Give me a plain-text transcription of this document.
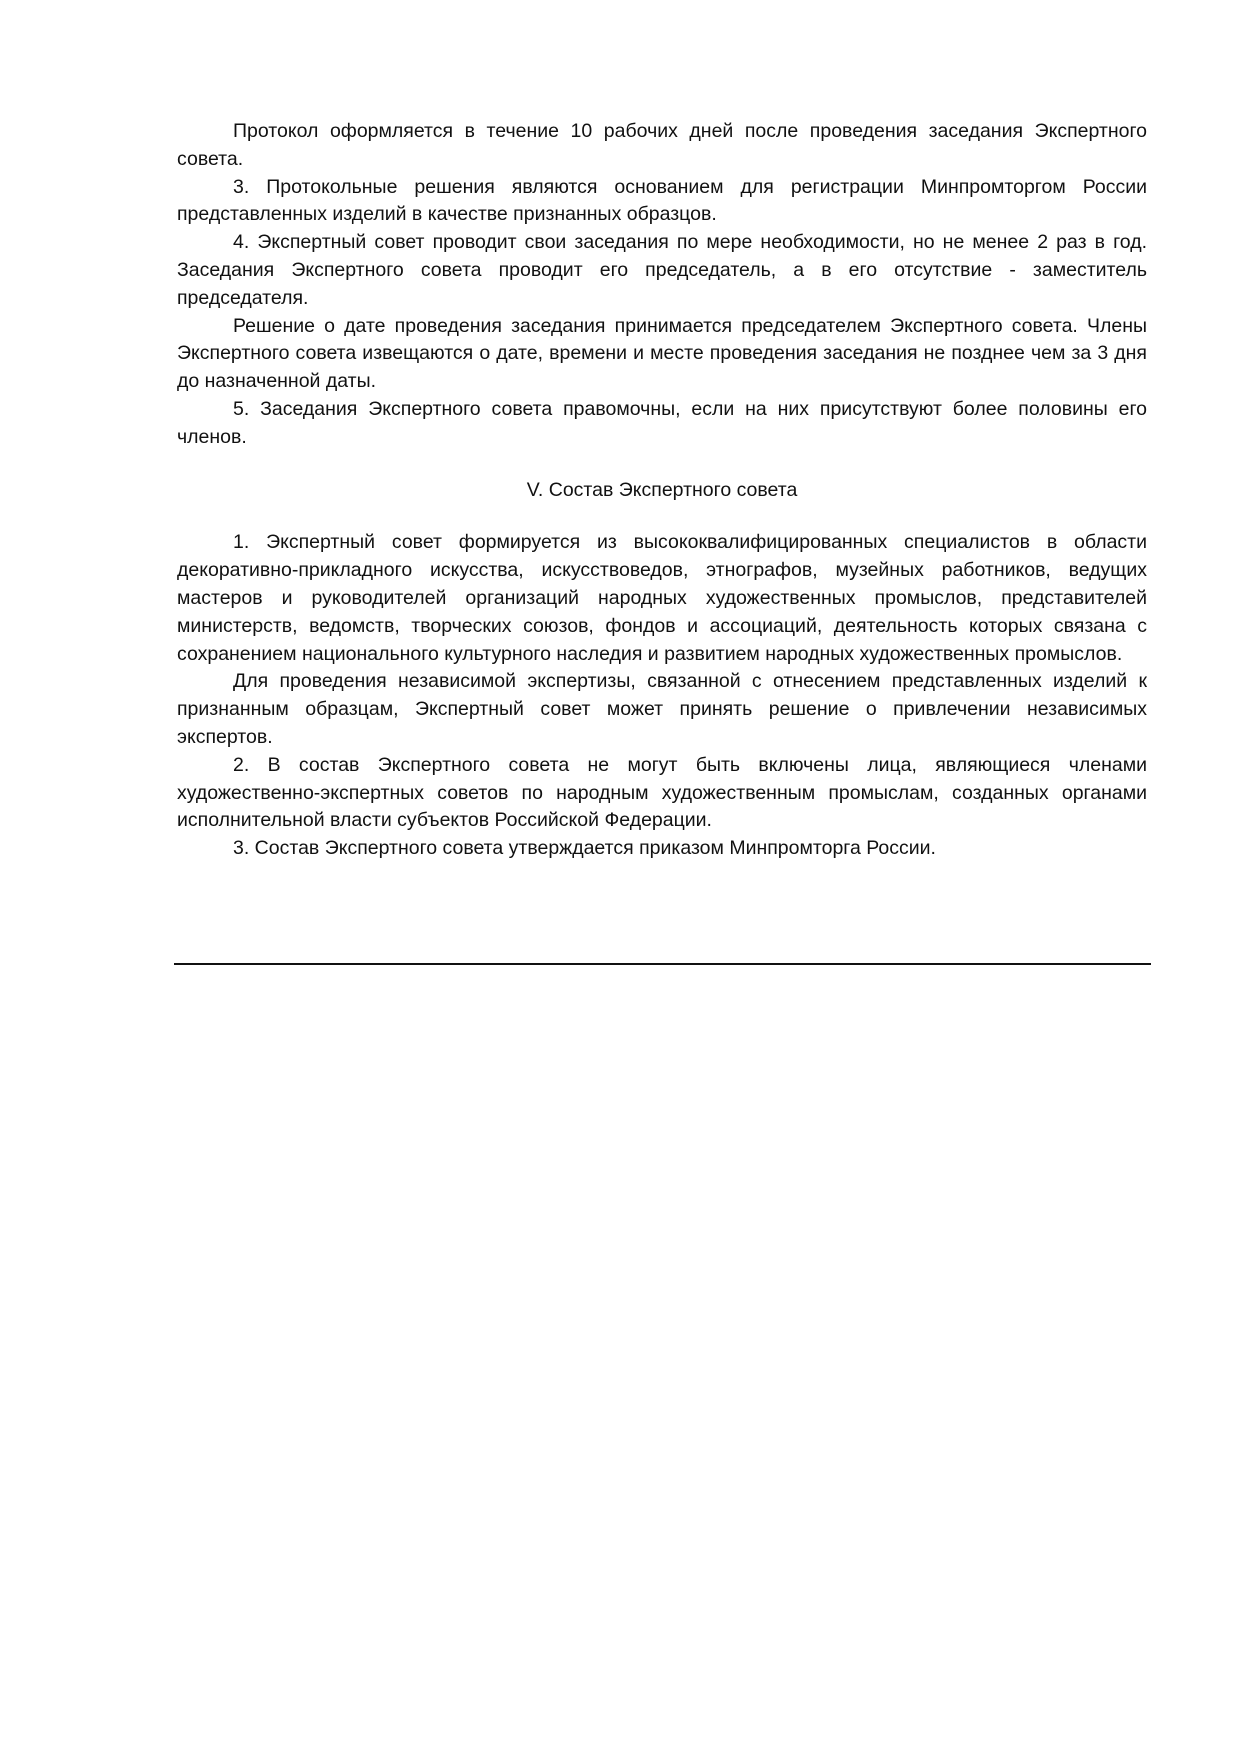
Протокол оформляется в течение 10 рабочих дней после проведения заседания Экспертного совета.

3. Протокольные решения являются основанием для регистрации Минпромторгом России представленных изделий в качестве признанных образцов.

4. Экспертный совет проводит свои заседания по мере необходимости, но не менее 2 раз в год. Заседания Экспертного совета проводит его председатель, а в его отсутствие - заместитель председателя.

Решение о дате проведения заседания принимается председателем Экспертного совета. Члены Экспертного совета извещаются о дате, времени и месте проведения заседания не позднее чем за 3 дня до назначенной даты.

5. Заседания Экспертного совета правомочны, если на них присутствуют более половины его членов.

V. Состав Экспертного совета

1. Экспертный совет формируется из высококвалифицированных специалистов в области декоративно-прикладного искусства, искусствоведов, этнографов, музейных работников, ведущих мастеров и руководителей организаций народных художественных промыслов, представителей министерств, ведомств, творческих союзов, фондов и ассоциаций, деятельность которых связана с сохранением национального культурного наследия и развитием народных художественных промыслов.

Для проведения независимой экспертизы, связанной с отнесением представленных изделий к признанным образцам, Экспертный совет может принять решение о привлечении независимых экспертов.

2. В состав Экспертного совета не могут быть включены лица, являющиеся членами художественно-экспертных советов по народным художественным промыслам, созданных органами исполнительной власти субъектов Российской Федерации.

3. Состав Экспертного совета утверждается приказом Минпромторга России.
